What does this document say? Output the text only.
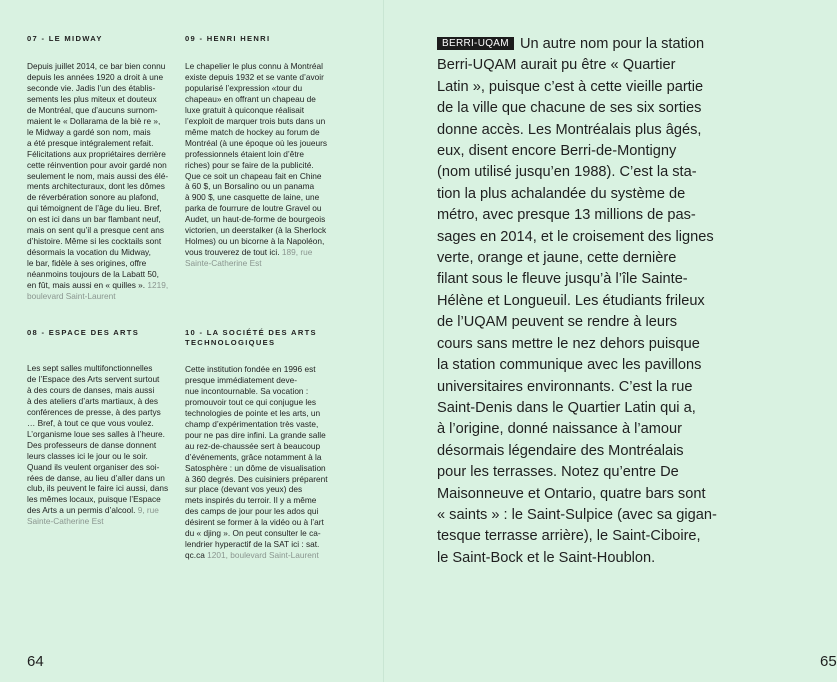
07 - LE MIDWAY

Depuis juillet 2014, ce bar bien connu
depuis les années 1920 a droit à une
seconde vie. Jadis l’un des établis-
sements les plus miteux et douteux
de Montréal, que d’aucuns surnom-
maient le « Dollarama de la biè re »,
le Midway a gardé son nom, mais
a été presque intégralement refait.
Félicitations aux propriétaires derrière
cette réinvention pour avoir gardé non
seulement le nom, mais aussi des élé-
ments architecturaux, dont les dômes
de réverbération sonore au plafond,
qui témoignent de l’âge du lieu. Bref,
on est ici dans un bar flambant neuf,
mais on sent qu’il a presque cent ans
d’histoire. Même si les cocktails sont
désormais la vocation du Midway,
le bar, fidèle à ses origines, offre
néanmoins toujours de la Labatt 50,
en fût, mais aussi en « quilles ». 1219,
boulevard Saint-Laurent

09 - HENRI HENRI

Le chapelier le plus connu à Montréal
existe depuis 1932 et se vante d’avoir
popularisé l’expression «tour du
chapeau» en offrant un chapeau de
luxe gratuit à quiconque réalisait
l’exploit de marquer trois buts dans un
même match de hockey au forum de
Montréal (à une époque où les joueurs
professionnels étaient loin d’être
riches) pour se faire de la publicité.
Que ce soit un chapeau fait en Chine
à 60 $, un Borsalino ou un panama
à 900 $, une casquette de laine, une
parka de fourrure de loutre Gravel ou
Audet, un haut-de-forme de bourgeois
victorien, un deerstalker (à la Sherlock
Holmes) ou un bicorne à la Napoléon,
vous trouverez de tout ici. 189, rue
Sainte-Catherine Est

08 - ESPACE DES ARTS

Les sept salles multifonctionnelles
de l’Espace des Arts servent surtout
à des cours de danses, mais aussi
à des ateliers d’arts martiaux, à des
conférences de presse, à des partys
… Bref, à tout ce que vous voulez.
L’organisme loue ses salles à l’heure.
Des professeurs de danse donnent
leurs classes ici le jour ou le soir.
Quand ils veulent organiser des soi-
rées de danse, au lieu d’aller dans un
club, ils peuvent le faire ici aussi, dans
les mêmes locaux, puisque l’Espace
des Arts a un permis d’alcool. 9, rue
Sainte-Catherine Est

10 - LA SOCIÉTÉ DES ARTS
TECHNOLOGIQUES

Cette institution fondée en 1996 est
presque immédiatement deve-
nue incontournable. Sa vocation :
promouvoir tout ce qui conjugue les
technologies de pointe et les arts, un
champ d’expérimentation très vaste,
pour ne pas dire infini. La grande salle
au rez-de-chaussée sert à beaucoup
d’événements, grâce notamment à la
Satosphère : un dôme de visualisation
à 360 degrés. Des cuisiniers préparent
sur place (devant vos yeux) des
mets inspirés du terroir. Il y a même
des camps de jour pour les ados qui
désirent se former à la vidéo ou à l’art
du « djing ». On peut consulter le ca-
lendrier hyperactif de la SAT ici : sat.
qc.ca 1201, boulevard Saint-Laurent

64	65

BERRI-UQAM Un autre nom pour la station
Berri-UQAM aurait pu être « Quartier
Latin », puisque c’est à cette vieille partie
de la ville que chacune de ses six sorties
donne accès. Les Montréalais plus âgés,
eux, disent encore Berri-de-Montigny
(nom utilisé jusqu’en 1988). C’est la sta-
tion la plus achalandée du système de
métro, avec presque 13 millions de pas-
sages en 2014, et le croisement des lignes
verte, orange et jaune, cette dernière
filant sous le fleuve jusqu’à l’île Sainte-
Hélène et Longueuil. Les étudiants frileux
de l’UQAM peuvent se rendre à leurs
cours sans mettre le nez dehors puisque
la station communique avec les pavillons
universitaires environnants. C’est la rue
Saint-Denis dans le Quartier Latin qui a,
à l’origine, donné naissance à l’amour
désormais légendaire des Montréalais
pour les terrasses. Notez qu’entre De
Maisonneuve et Ontario, quatre bars sont
« saints » : le Saint-Sulpice (avec sa gigan-
tesque terrasse arrière), le Saint-Ciboire,
le Saint-Bock et le Saint-Houblon.
